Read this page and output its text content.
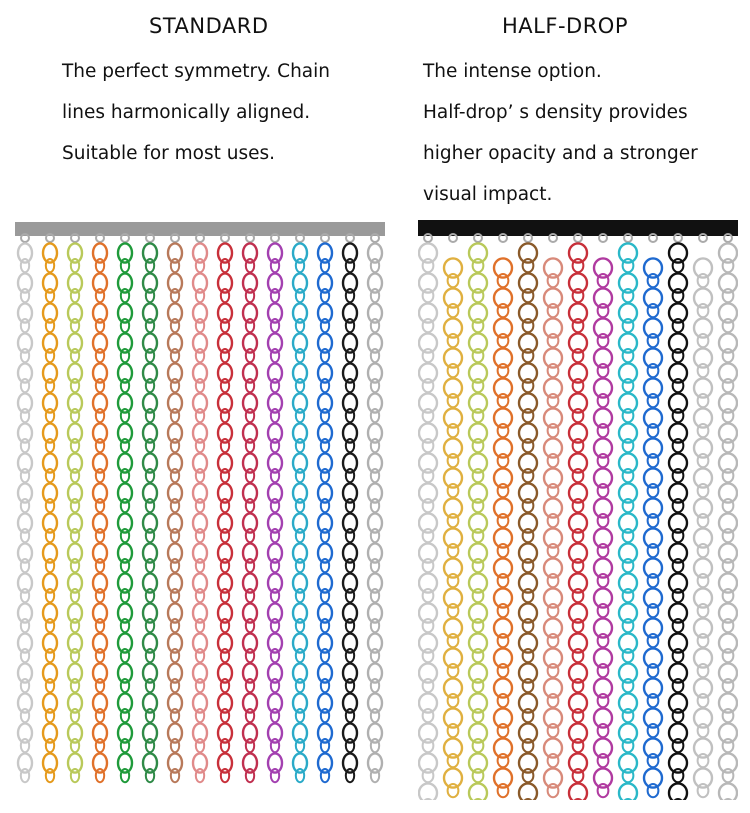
STANDARD
The perfect symmetry. Chain
lines harmonically aligned.
Suitable for most uses.
HALF-DROP
The intense option.
Half-drop’ s density provides
higher opacity and a stronger
visual impact.
